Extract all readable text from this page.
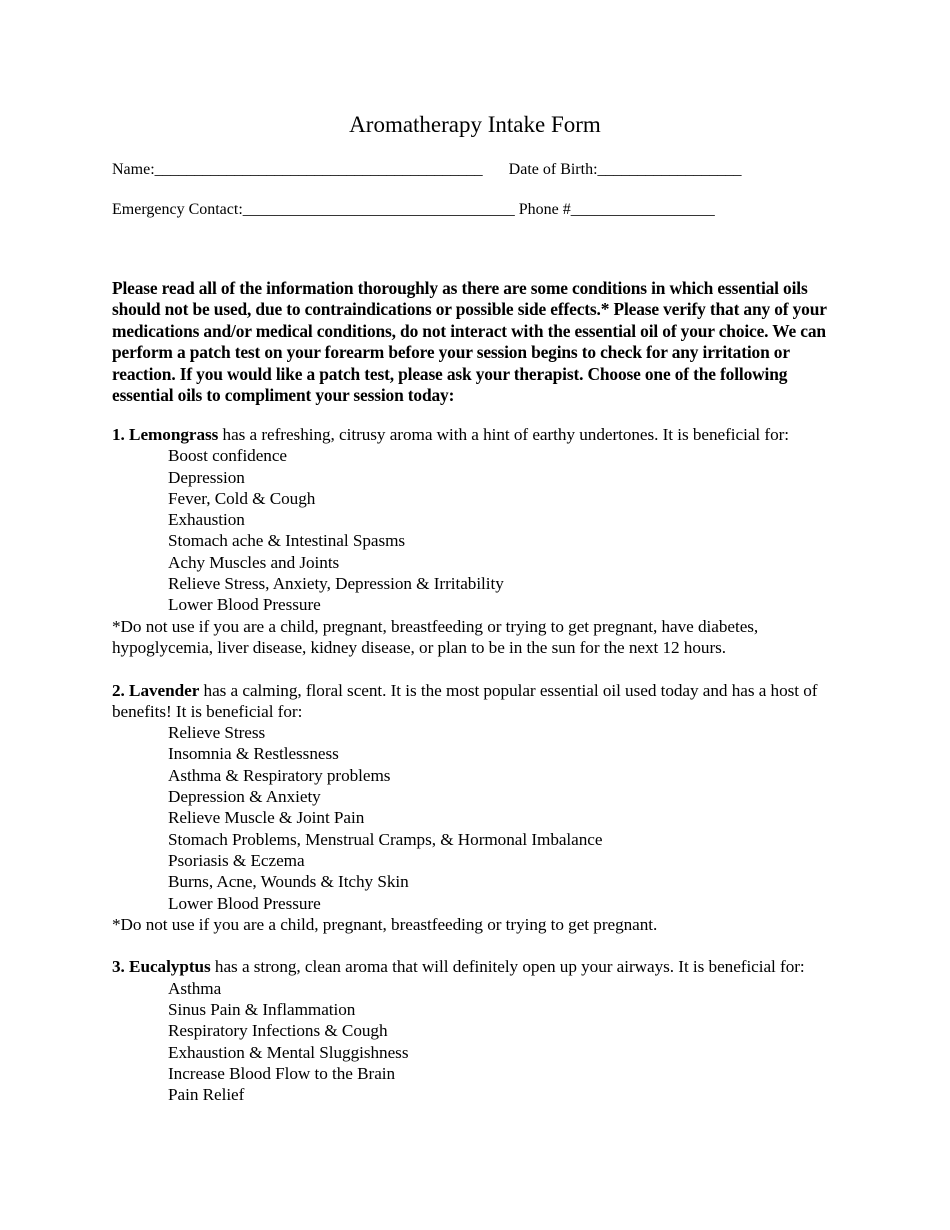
Aromatherapy Intake Form
Name:_________________________________________ Date of Birth:__________________
Emergency Contact:__________________________________ Phone #__________________

Please read all of the information thoroughly as there are some conditions in which essential oils should not be used, due to contraindications or possible side effects.* Please verify that any of your medications and/or medical conditions, do not interact with the essential oil of your choice. We can perform a patch test on your forearm before your session begins to check for any irritation or reaction. If you would like a patch test, please ask your therapist. Choose one of the following essential oils to compliment your session today:

1. Lemongrass has a refreshing, citrusy aroma with a hint of earthy undertones. It is beneficial for:

Boost confidence
Depression
Fever, Cold & Cough
Exhaustion
Stomach ache & Intestinal Spasms
Achy Muscles and Joints
Relieve Stress, Anxiety, Depression & Irritability
Lower Blood Pressure

*Do not use if you are a child, pregnant, breastfeeding or trying to get pregnant, have diabetes, hypoglycemia, liver disease, kidney disease, or plan to be in the sun for the next 12 hours.

2. Lavender has a calming, floral scent. It is the most popular essential oil used today and has a host of benefits! It is beneficial for:

Relieve Stress
Insomnia & Restlessness
Asthma & Respiratory problems
Depression & Anxiety
Relieve Muscle & Joint Pain
Stomach Problems, Menstrual Cramps, & Hormonal Imbalance
Psoriasis & Eczema
Burns, Acne, Wounds & Itchy Skin
Lower Blood Pressure

*Do not use if you are a child, pregnant, breastfeeding or trying to get pregnant.

3. Eucalyptus has a strong, clean aroma that will definitely open up your airways. It is beneficial for:

Asthma
Sinus Pain & Inflammation
Respiratory Infections & Cough
Exhaustion & Mental Sluggishness
Increase Blood Flow to the Brain
Pain Relief
